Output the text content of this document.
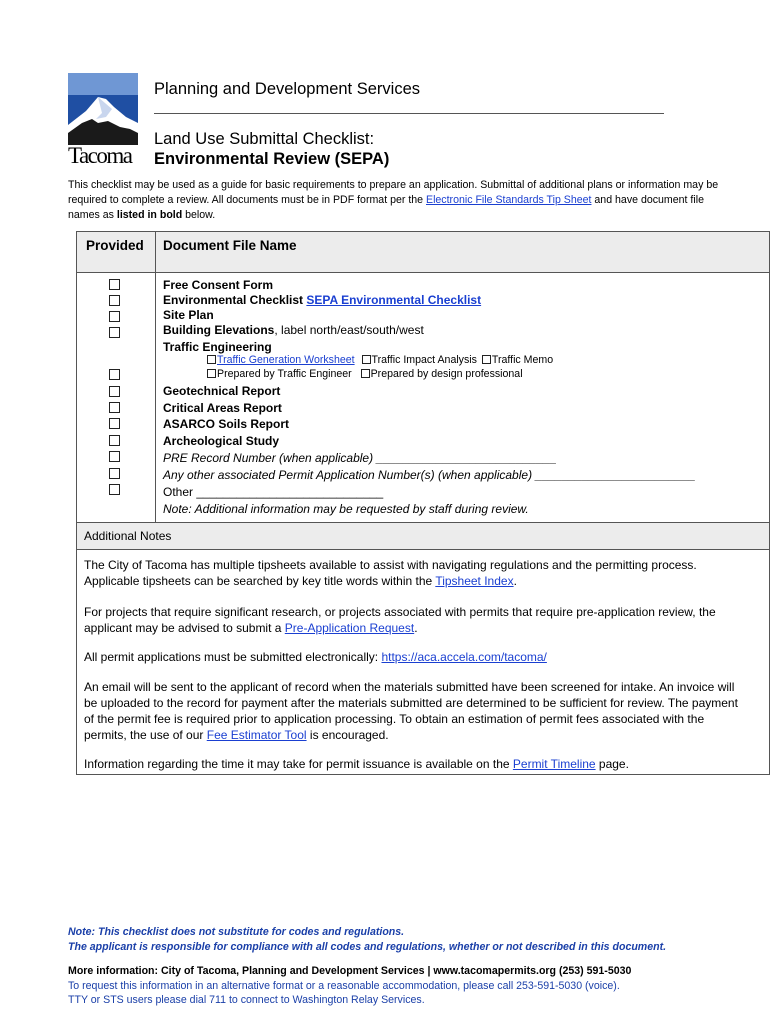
Tacoma
Planning and Development Services
Land Use Submittal Checklist:
Environmental Review (SEPA)
This checklist may be used as a guide for basic requirements to prepare an application. Submittal of additional plans or information may be required to complete a review. All documents must be in PDF format per the Electronic File Standards Tip Sheet and have document file names as listed in bold below.
Provided Document File Name
Free Consent Form
Environmental Checklist SEPA Environmental Checklist
Site Plan
Building Elevations, label north/east/south/west
Traffic Engineering
Traffic Generation Worksheet Traffic Impact Analysis Traffic Memo
Prepared by Traffic Engineer Prepared by design professional
Geotechnical Report
Critical Areas Report
ASARCO Soils Report
Archeological Study
PRE Record Number (when applicable) ___________________________
Any other associated Permit Application Number(s) (when applicable) ________________________
Other ____________________________
Note: Additional information may be requested by staff during review.
Additional Notes
The City of Tacoma has multiple tipsheets available to assist with navigating regulations and the permitting process. Applicable tipsheets can be searched by key title words within the Tipsheet Index.
For projects that require significant research, or projects associated with permits that require pre-application review, the applicant may be advised to submit a Pre-Application Request.
All permit applications must be submitted electronically: https://aca.accela.com/tacoma/
An email will be sent to the applicant of record when the materials submitted have been screened for intake. An invoice will be uploaded to the record for payment after the materials submitted are determined to be sufficient for review. The payment of the permit fee is required prior to application processing. To obtain an estimation of permit fees associated with the permits, the use of our Fee Estimator Tool is encouraged.
Information regarding the time it may take for permit issuance is available on the Permit Timeline page.
Note: This checklist does not substitute for codes and regulations.
The applicant is responsible for compliance with all codes and regulations, whether or not described in this document.
More information: City of Tacoma, Planning and Development Services | www.tacomapermits.org (253) 591-5030
To request this information in an alternative format or a reasonable accommodation, please call 253-591-5030 (voice).
TTY or STS users please dial 711 to connect to Washington Relay Services.
